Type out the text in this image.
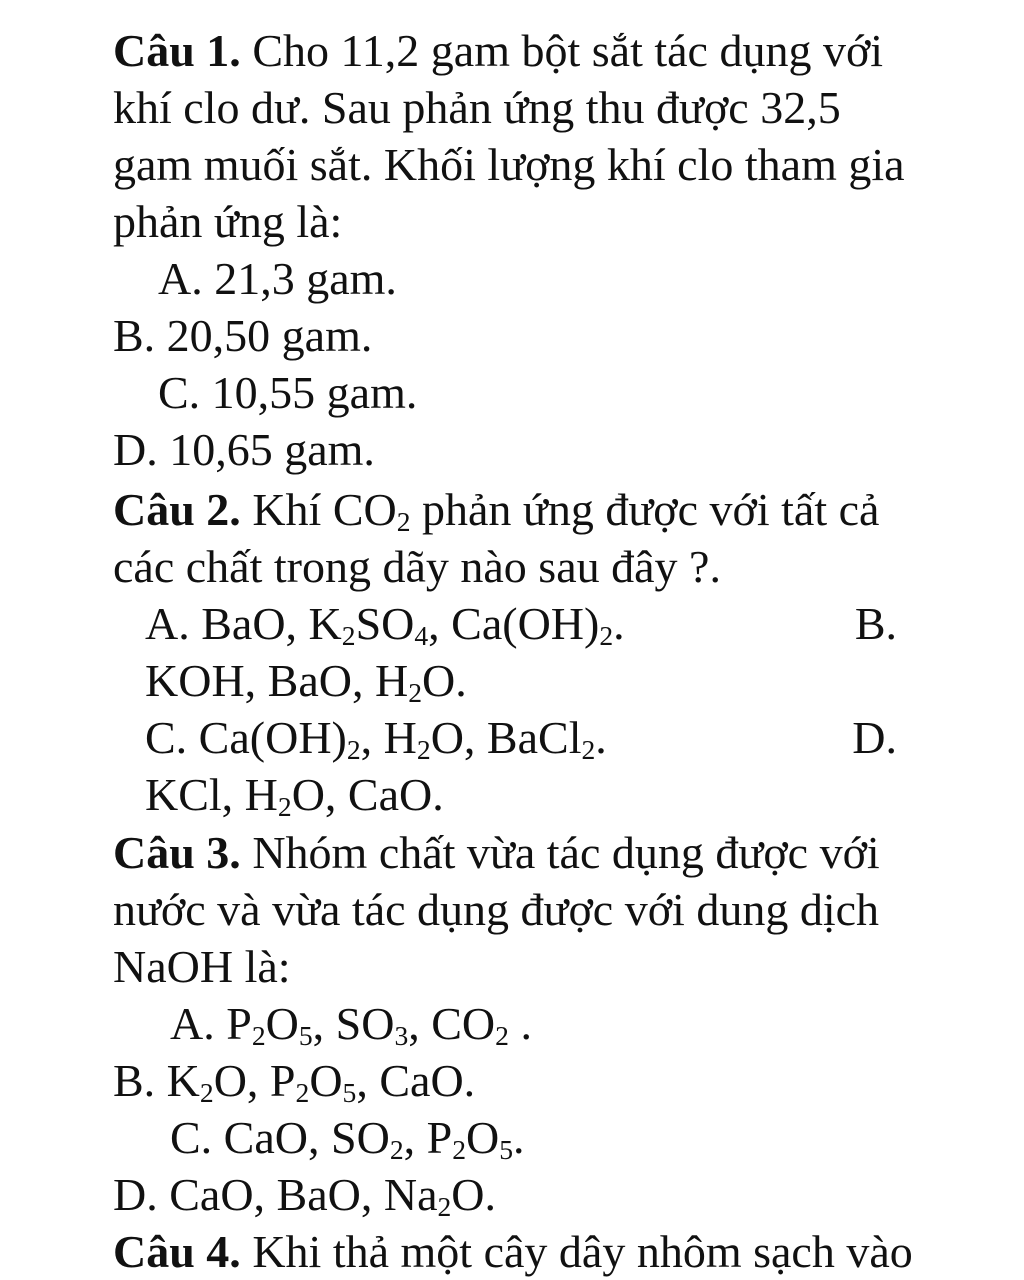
Câu 1. Cho 11,2 gam bột sắt tác dụng với
khí clo dư. Sau phản ứng thu được 32,5
gam muối sắt. Khối lượng khí clo tham gia
phản ứng là:
A. 21,3 gam.
B. 20,50 gam.
C. 10,55 gam.
D. 10,65 gam.
Câu 2. Khí $CO_2$ phản ứng được với tất cả
các chất trong dãy nào sau đây ?.
A. BaO, $K_2SO_4$, $Ca(OH)_2$.	B.
KOH, BaO, $H_2O$.
C. $Ca(OH)_2$, $H_2O$, BaCl$_2$.	D.
KCl, $H_2O$, CaO.
Câu 3. Nhóm chất vừa tác dụng được với
nước và vừa tác dụng được với dung dịch
NaOH là:
A. $P_2O_5$, $SO_3$, $CO_2$ .
B. $K_2O$, $P_2O_5$, CaO.
C. CaO, $SO_2$, $P_2O_5$.
D. CaO, BaO, $Na_2O$.
Câu 4. Khi thả một cây dây nhôm sạch vào
